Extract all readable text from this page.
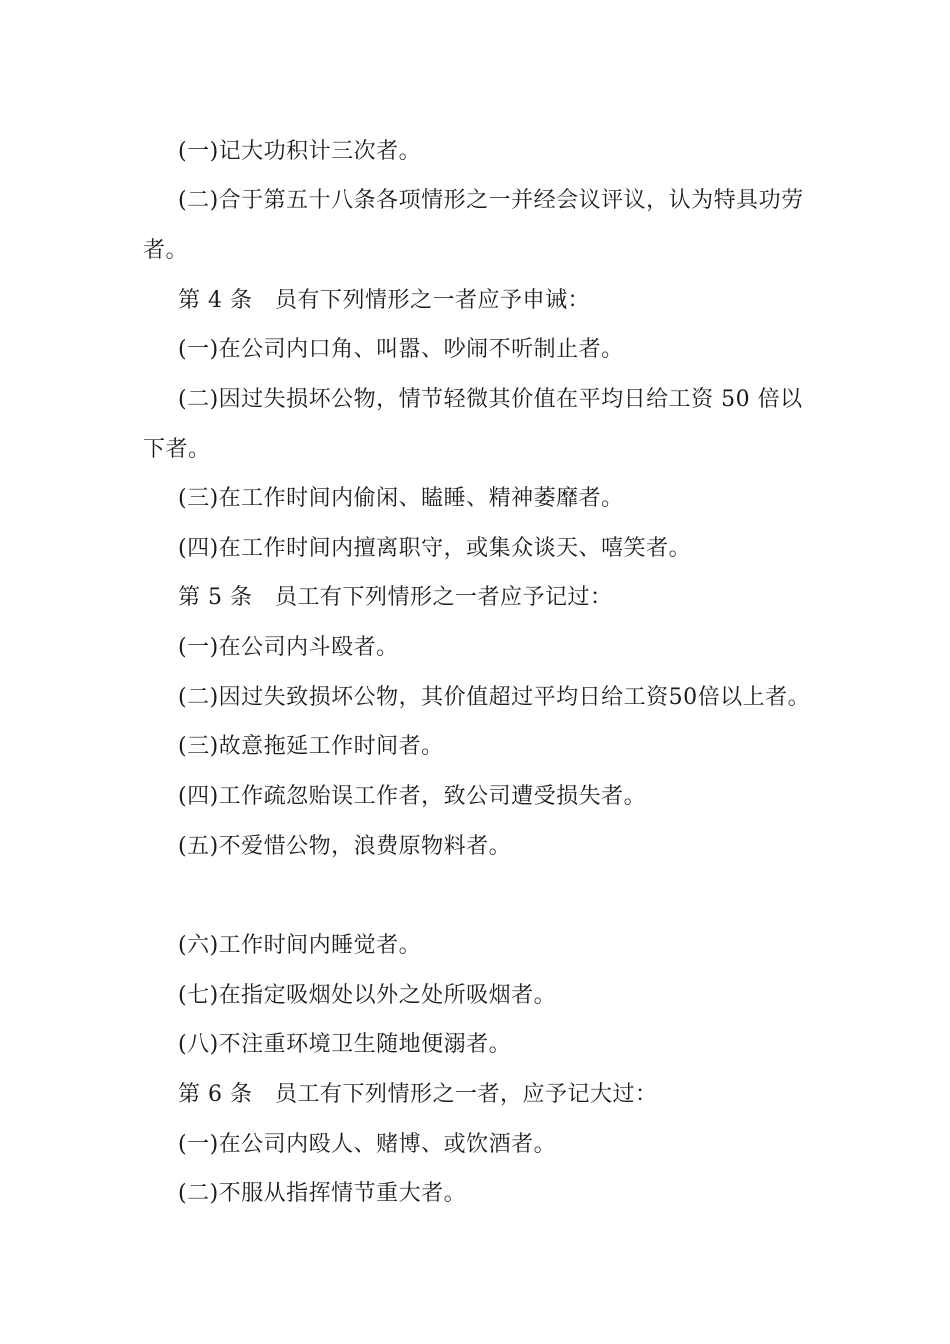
(一)记大功积计三次者。
(二)合于第五十八条各项情形之一并经会议评议，认为特具功劳
者。
第 4 条　员有下列情形之一者应予申诫：
(一)在公司内口角、叫嚣、吵闹不听制止者。
(二)因过失损坏公物，情节轻微其价值在平均日给工资 50 倍以
下者。
(三)在工作时间内偷闲、瞌睡、精神萎靡者。
(四)在工作时间内擅离职守，或集众谈天、嘻笑者。
第 5 条　员工有下列情形之一者应予记过：
(一)在公司内斗殴者。
(二)因过失致损坏公物，其价值超过平均日给工资50倍以上者。
(三)故意拖延工作时间者。
(四)工作疏忽贻误工作者，致公司遭受损失者。
(五)不爱惜公物，浪费原物料者。
(六)工作时间内睡觉者。
(七)在指定吸烟处以外之处所吸烟者。
(八)不注重环境卫生随地便溺者。
第 6 条　员工有下列情形之一者，应予记大过：
(一)在公司内殴人、赌博、或饮酒者。
(二)不服从指挥情节重大者。
